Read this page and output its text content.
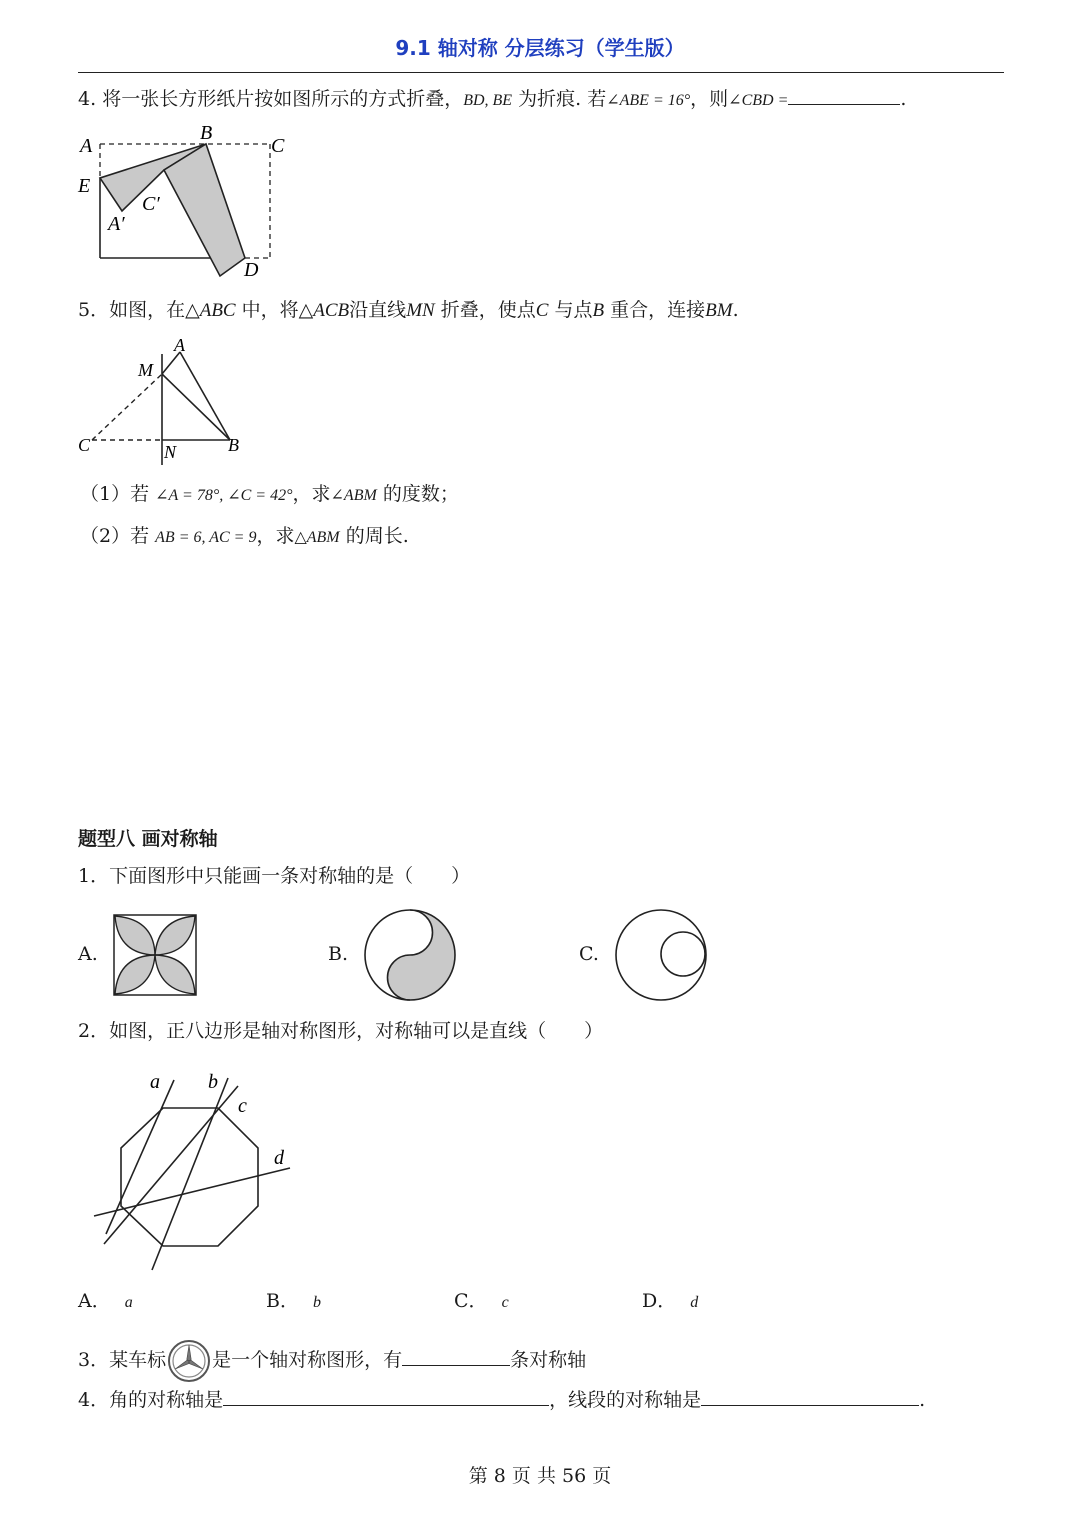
9.1 轴对称 分层练习（学生版）
4. 将一张长方形纸片按如图所示的方式折叠，BD, BE 为折痕. 若∠ABE = 16°，则∠CBD =	.
A
B
C
E
C′
A′
D
5．如图，在△ABC 中，将△ACB沿直线MN 折叠，使点C 与点B 重合，连接BM.
A
M
C	N	B
（1）若 ∠A = 78°, ∠C = 42°，求∠ABM 的度数；
（2）若 AB = 6, AC = 9，求△ABM 的周长.
题型八 画对称轴
1．下面图形中只能画一条对称轴的是（　　）
A.	B.	C.
2．如图，正八边形是轴对称图形，对称轴可以是直线（　　）
a b
c
d
A． a	B． b	C． c	D． d
3．某车标 是一个轴对称图形，有	条对称轴
4．角的对称轴是	，线段的对称轴是	.
第 8 页 共 56 页
